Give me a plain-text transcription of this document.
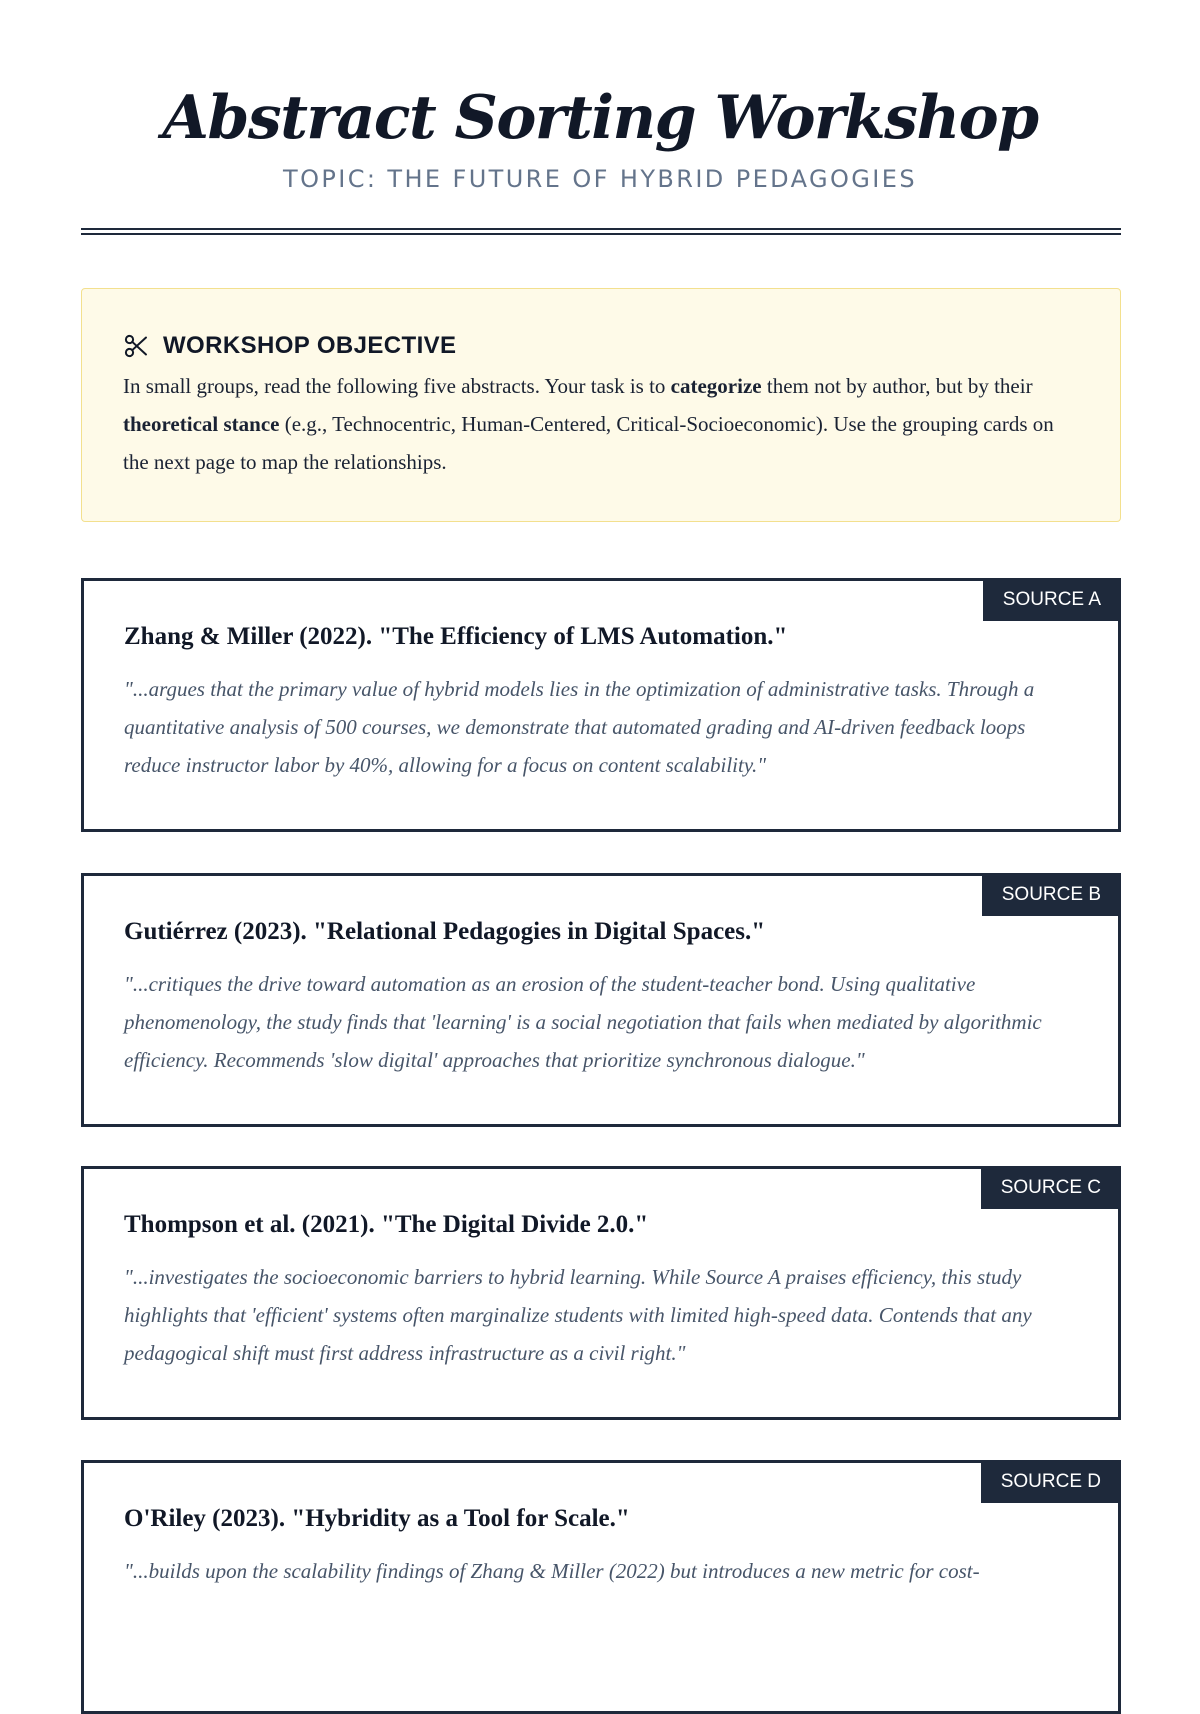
Abstract Sorting Workshop
TOPIC: THE FUTURE OF HYBRID PEDAGOGIES
WORKSHOP OBJECTIVE
In small groups, read the following five abstracts. Your task is to categorize them not by author, but by their theoretical stance (e.g., Technocentric, Human-Centered, Critical-Socioeconomic). Use the grouping cards on the next page to map the relationships.
SOURCE A
Zhang & Miller (2022). "The Efficiency of LMS Automation."
"...argues that the primary value of hybrid models lies in the optimization of administrative tasks. Through a quantitative analysis of 500 courses, we demonstrate that automated grading and AI-driven feedback loops reduce instructor labor by 40%, allowing for a focus on content scalability."
SOURCE B
Gutiérrez (2023). "Relational Pedagogies in Digital Spaces."
"...critiques the drive toward automation as an erosion of the student-teacher bond. Using qualitative phenomenology, the study finds that 'learning' is a social negotiation that fails when mediated by algorithmic efficiency. Recommends 'slow digital' approaches that prioritize synchronous dialogue."
SOURCE C
Thompson et al. (2021). "The Digital Divide 2.0."
"...investigates the socioeconomic barriers to hybrid learning. While Source A praises efficiency, this study highlights that 'efficient' systems often marginalize students with limited high-speed data. Contends that any pedagogical shift must first address infrastructure as a civil right."
SOURCE D
O'Riley (2023). "Hybridity as a Tool for Scale."
"...builds upon the scalability findings of Zhang & Miller (2022) but introduces a new metric for cost-
